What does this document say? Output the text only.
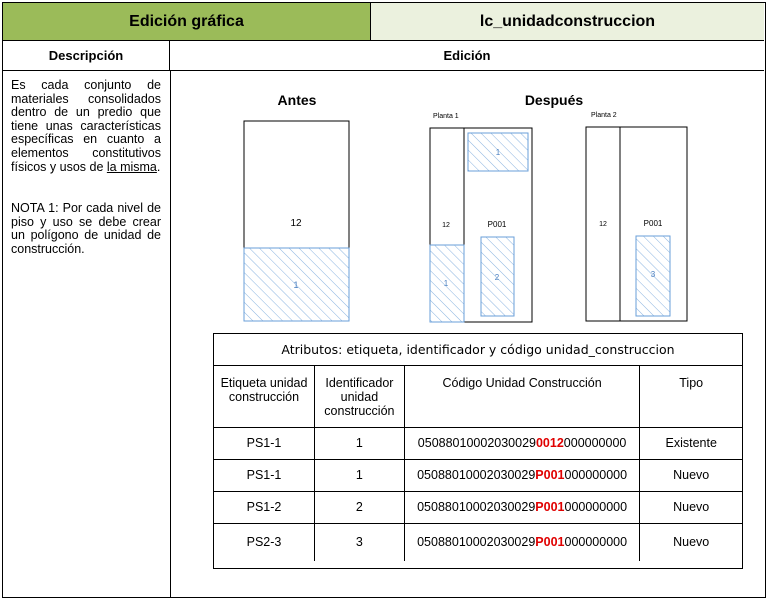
Edición gráfica	lc_unidadconstruccion
Descripción	Edición

Es cada conjunto de materiales consolidados dentro de un predio que tiene unas características específicas en cuanto a elementos constitutivos físicos y usos de la misma.

NOTA 1: Por cada nivel de piso y uso se debe crear un polígono de unidad de construcción.

Antes
12
1
Después
Planta 1
12	P001
1
1
2
Planta 2
12	P001
3
Atributos: etiqueta, identificador y código unidad_construccion
Etiqueta unidad construcción	Identificador unidad construcción	Código Unidad Construcción	Tipo
PS1-1	1	050880100020300290012000000000	Existente
PS1-1	1	05088010002030029P001000000000	Nuevo
PS1-2	2	05088010002030029P001000000000	Nuevo
PS2-3	3	05088010002030029P001000000000	Nuevo
